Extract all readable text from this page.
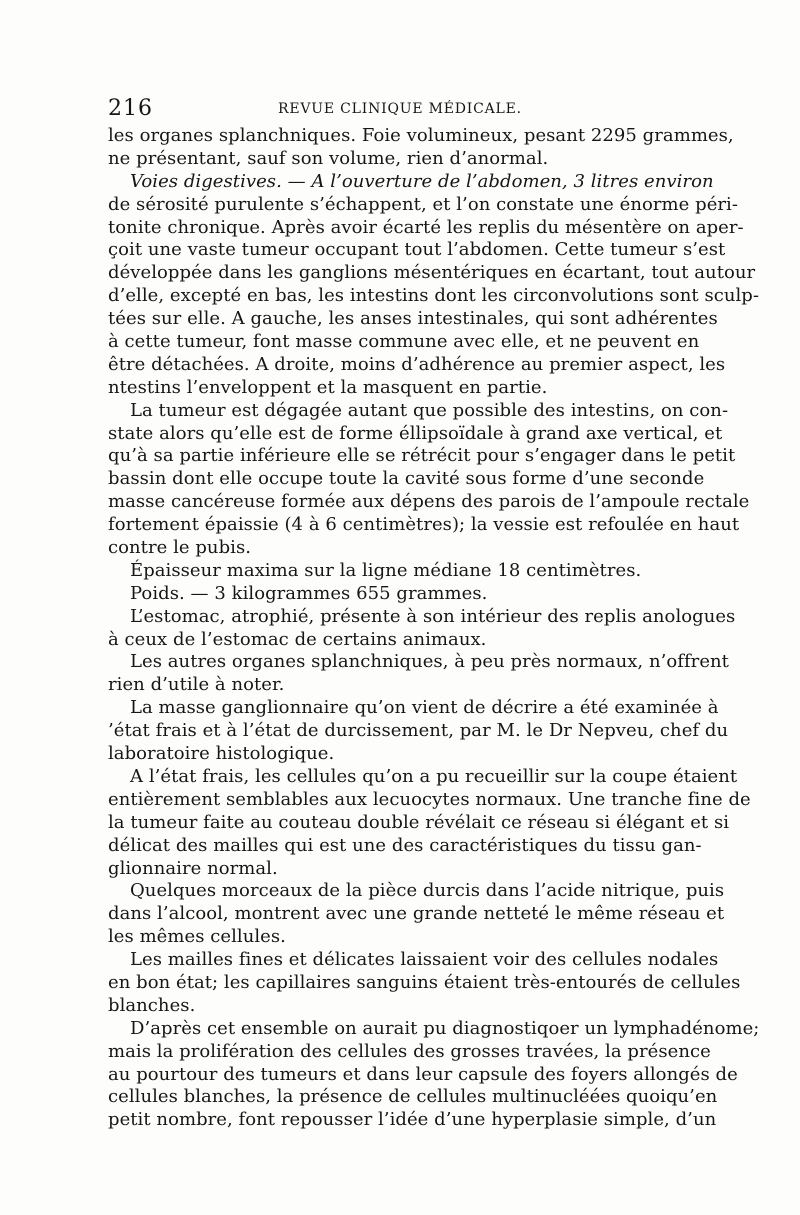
216	REVUE CLINIQUE MÉDICALE.
les organes splanchniques. Foie volumineux, pesant 2295 grammes,
ne présentant, sauf son volume, rien d’anormal.
Voies digestives. — A l’ouverture de l’abdomen, 3 litres environ
de sérosité purulente s’échappent, et l’on constate une énorme péri-
tonite chronique. Après avoir écarté les replis du mésentère on aper-
çoit une vaste tumeur occupant tout l’abdomen. Cette tumeur s’est
développée dans les ganglions mésentériques en écartant, tout autour
d’elle, excepté en bas, les intestins dont les circonvolutions sont sculp-
tées sur elle. A gauche, les anses intestinales, qui sont adhérentes
à cette tumeur, font masse commune avec elle, et ne peuvent en
être détachées. A droite, moins d’adhérence au premier aspect, les
ntestins l’enveloppent et la masquent en partie.
La tumeur est dégagée autant que possible des intestins, on con-
state alors qu’elle est de forme éllipsoïdale à grand axe vertical, et
qu’à sa partie inférieure elle se rétrécit pour s’engager dans le petit
bassin dont elle occupe toute la cavité sous forme d’une seconde
masse cancéreuse formée aux dépens des parois de l’ampoule rectale
fortement épaissie (4 à 6 centimètres); la vessie est refoulée en haut
contre le pubis.
Épaisseur maxima sur la ligne médiane 18 centimètres.
Poids. — 3 kilogrammes 655 grammes.
L’estomac, atrophié, présente à son intérieur des replis anologues
à ceux de l’estomac de certains animaux.
Les autres organes splanchniques, à peu près normaux, n’offrent
rien d’utile à noter.
La masse ganglionnaire qu’on vient de décrire a été examinée à
’état frais et à l’état de durcissement, par M. le Dr Nepveu, chef du
laboratoire histologique.
A l’état frais, les cellules qu’on a pu recueillir sur la coupe étaient
entièrement semblables aux lecuocytes normaux. Une tranche fine de
la tumeur faite au couteau double révélait ce réseau si élégant et si
délicat des mailles qui est une des caractéristiques du tissu gan-
glionnaire normal.
Quelques morceaux de la pièce durcis dans l’acide nitrique, puis
dans l’alcool, montrent avec une grande netteté le même réseau et
les mêmes cellules.
Les mailles fines et délicates laissaient voir des cellules nodales
en bon état; les capillaires sanguins étaient très-entourés de cellules
blanches.
D’après cet ensemble on aurait pu diagnostiqoer un lymphadénome;
mais la prolifération des cellules des grosses travées, la présence
au pourtour des tumeurs et dans leur capsule des foyers allongés de
cellules blanches, la présence de cellules multinucléées quoiqu’en
petit nombre, font repousser l’idée d’une hyperplasie simple, d’un
